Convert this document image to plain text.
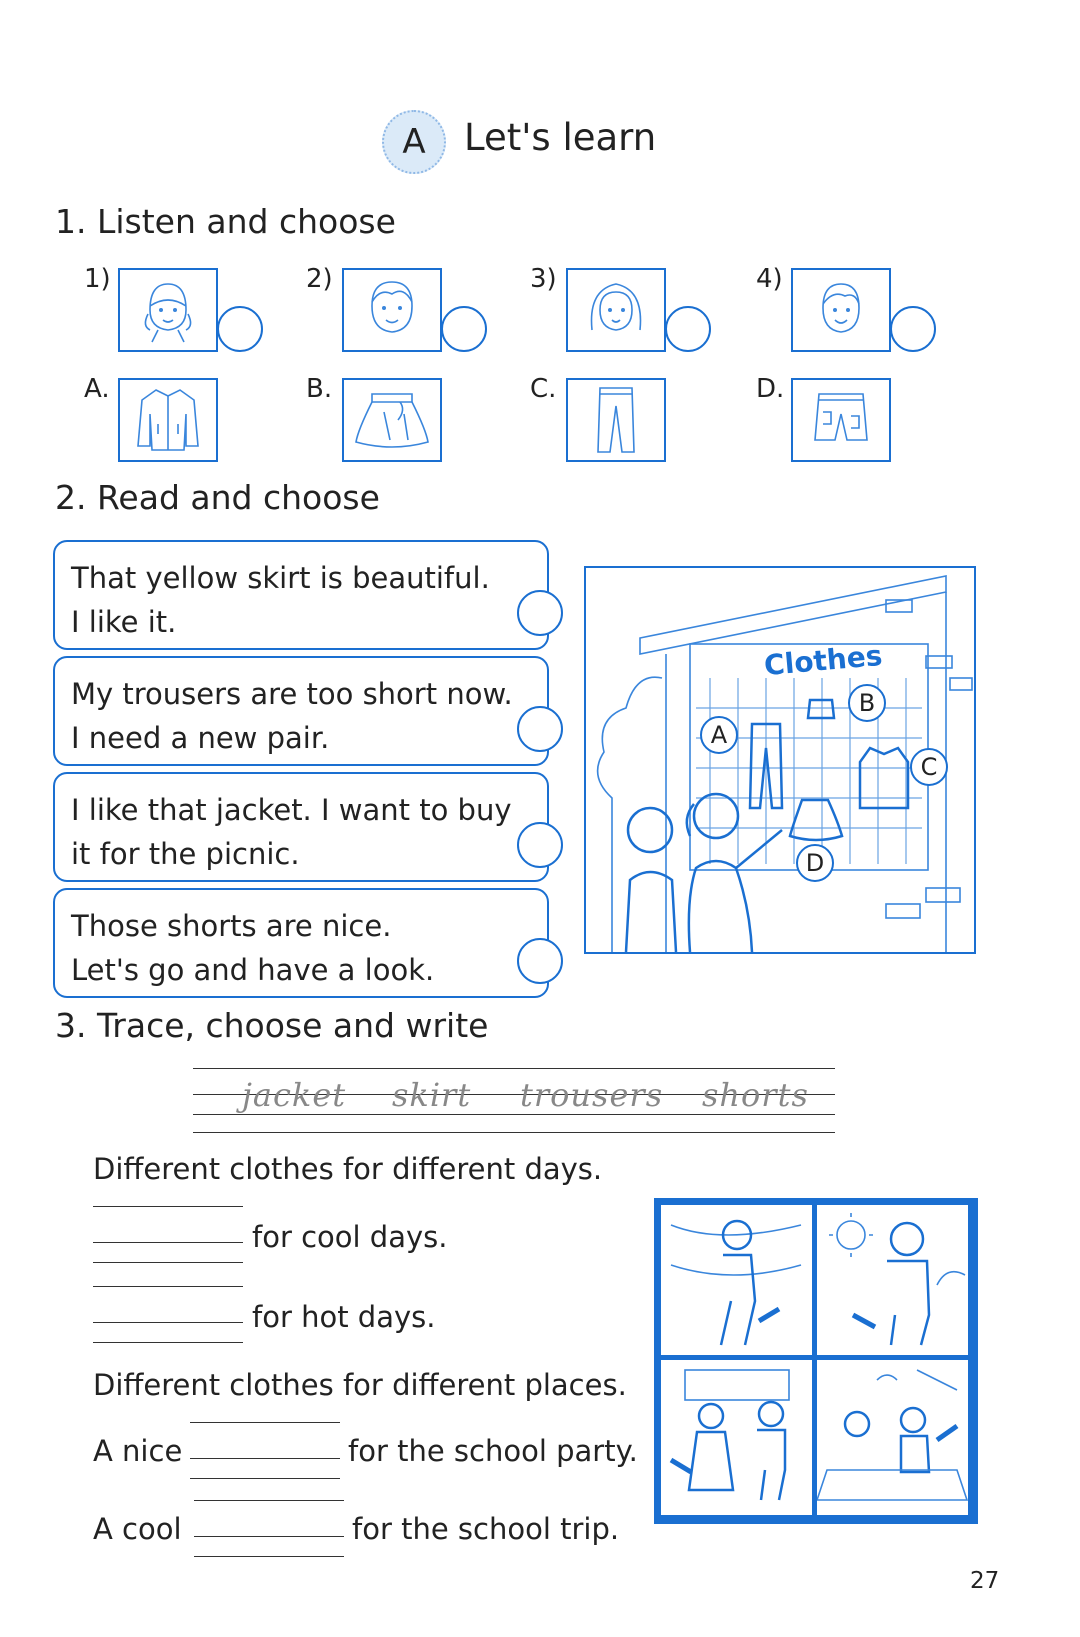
A	Let's learn
1. Listen and choose
1)	2)	3)	4)
A.	B.	C.	D.
2. Read and choose
That yellow skirt is beautiful.
I like it.
My trousers are too short now.
I need a new pair.
I like that jacket. I want to buy
it for the picnic.
Those shorts are nice.
Let's go and have a look.
Clothes
A
B
C
D
3. Trace, choose and write
jacket skirt trousers shorts
Different clothes for different days.
for cool days.
for hot days.
Different clothes for different places.
A nice	for the school party.
A cool	for the school trip.
27
